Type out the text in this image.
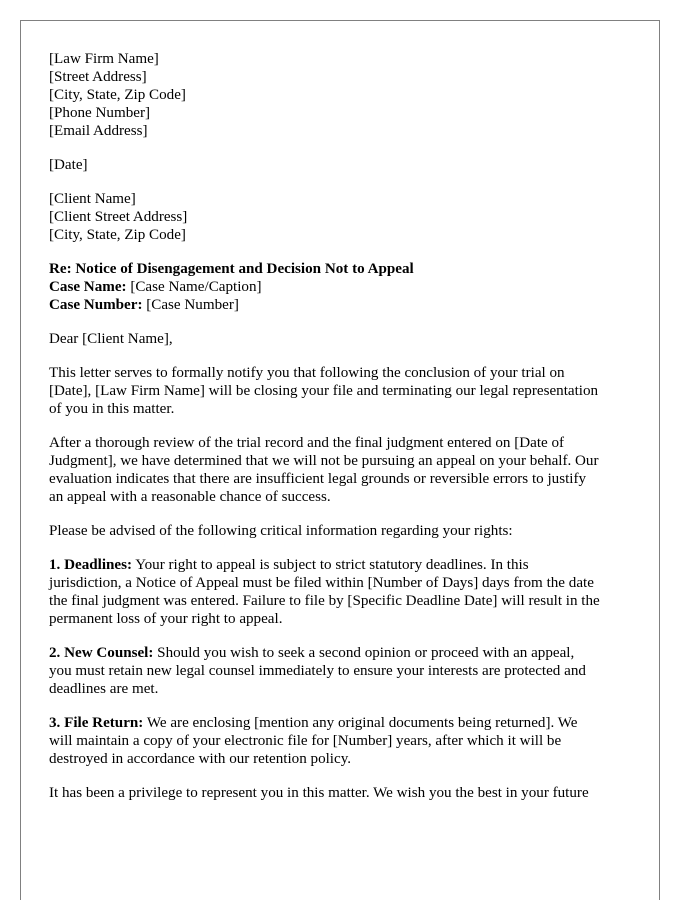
[Law Firm Name]
[Street Address]
[City, State, Zip Code]
[Phone Number]
[Email Address]
[Date]
[Client Name]
[Client Street Address]
[City, State, Zip Code]
Re: Notice of Disengagement and Decision Not to Appeal
Case Name: [Case Name/Caption]
Case Number: [Case Number]
Dear [Client Name],
This letter serves to formally notify you that following the conclusion of your trial on
[Date], [Law Firm Name] will be closing your file and terminating our legal representation
of you in this matter.
After a thorough review of the trial record and the final judgment entered on [Date of
Judgment], we have determined that we will not be pursuing an appeal on your behalf. Our
evaluation indicates that there are insufficient legal grounds or reversible errors to justify
an appeal with a reasonable chance of success.
Please be advised of the following critical information regarding your rights:
1. Deadlines: Your right to appeal is subject to strict statutory deadlines. In this
jurisdiction, a Notice of Appeal must be filed within [Number of Days] days from the date
the final judgment was entered. Failure to file by [Specific Deadline Date] will result in the
permanent loss of your right to appeal.
2. New Counsel: Should you wish to seek a second opinion or proceed with an appeal,
you must retain new legal counsel immediately to ensure your interests are protected and
deadlines are met.
3. File Return: We are enclosing [mention any original documents being returned]. We
will maintain a copy of your electronic file for [Number] years, after which it will be
destroyed in accordance with our retention policy.
It has been a privilege to represent you in this matter. We wish you the best in your future
